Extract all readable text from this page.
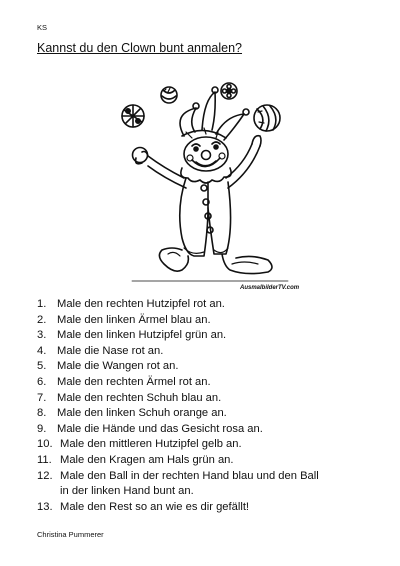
KS
Kannst du den Clown bunt anmalen?
AusmalbilderTV.com
1. Male den rechten Hutzipfel rot an.
2. Male den linken Ärmel blau an.
3. Male den linken Hutzipfel grün an.
4. Male die Nase rot an.
5. Male die Wangen rot an.
6. Male den rechten Ärmel rot an.
7. Male den rechten Schuh blau an.
8. Male den linken Schuh orange an.
9. Male die Hände und das Gesicht rosa an.
10. Male den mittleren Hutzipfel gelb an.
11. Male den Kragen am Hals grün an.
12. Male den Ball in der rechten Hand blau und den Ball
in der linken Hand bunt an.
13. Male den Rest so an wie es dir gefällt!
Christina Pummerer
